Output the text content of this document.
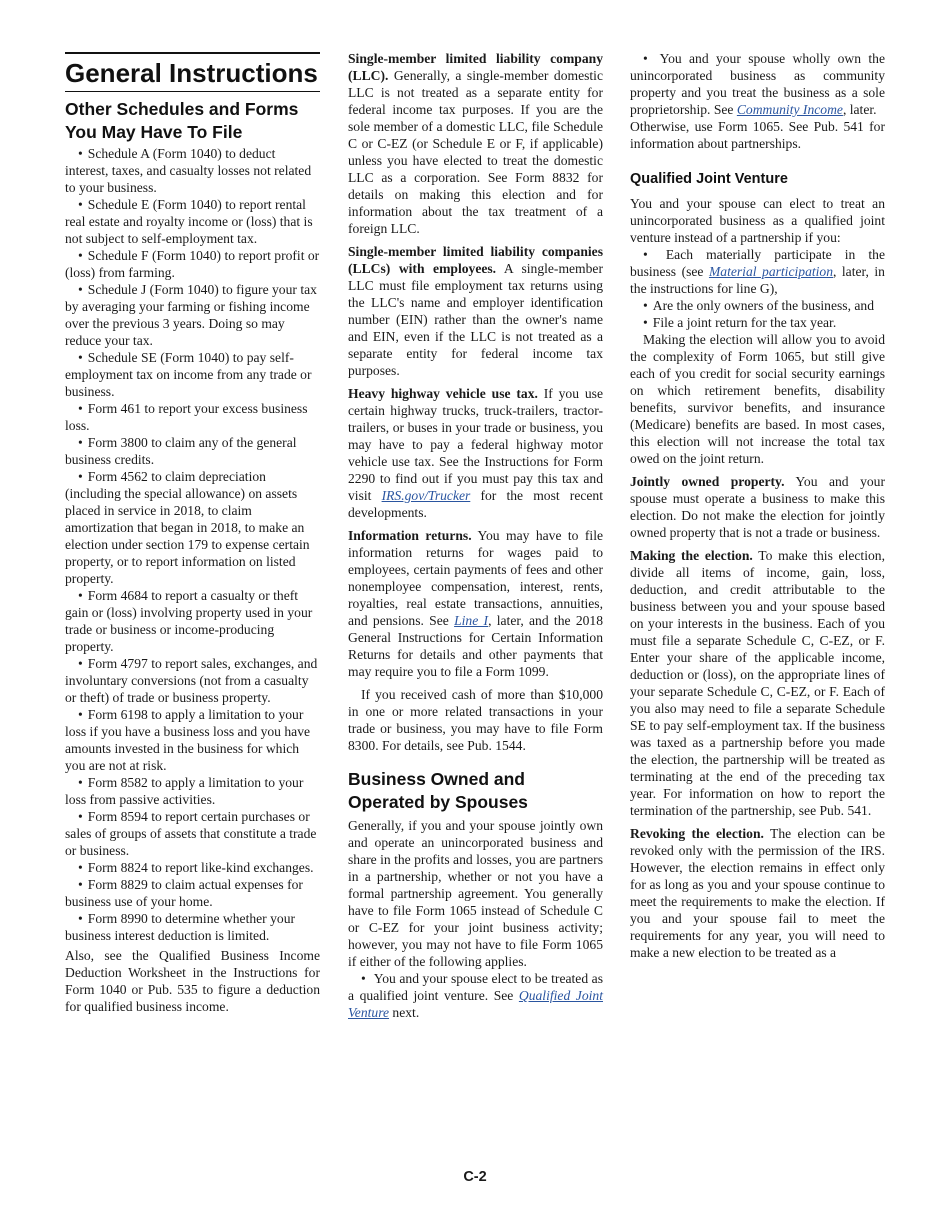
General Instructions
Other Schedules and Forms You May Have To File

• Schedule A (Form 1040) to deduct interest, taxes, and casualty losses not related to your business.

• Schedule E (Form 1040) to report rental real estate and royalty income or (loss) that is not subject to self-employment tax.

• Schedule F (Form 1040) to report profit or (loss) from farming.

• Schedule J (Form 1040) to figure your tax by averaging your farming or fishing income over the previous 3 years. Doing so may reduce your tax.

• Schedule SE (Form 1040) to pay self-employment tax on income from any trade or business.

• Form 461 to report your excess business loss.

• Form 3800 to claim any of the general business credits.

• Form 4562 to claim depreciation (including the special allowance) on assets placed in service in 2018, to claim amortization that began in 2018, to make an election under section 179 to expense certain property, or to report information on listed property.

• Form 4684 to report a casualty or theft gain or (loss) involving property used in your trade or business or income-producing property.

• Form 4797 to report sales, exchanges, and involuntary conversions (not from a casualty or theft) of trade or business property.

• Form 6198 to apply a limitation to your loss if you have a business loss and you have amounts invested in the business for which you are not at risk.

• Form 8582 to apply a limitation to your loss from passive activities.

• Form 8594 to report certain purchases or sales of groups of assets that constitute a trade or business.

• Form 8824 to report like-kind exchanges.

• Form 8829 to claim actual expenses for business use of your home.

• Form 8990 to determine whether your business interest deduction is limited.

Also, see the Qualified Business Income Deduction Worksheet in the Instructions for Form 1040 or Pub. 535 to figure a deduction for qualified business income.

Single-member limited liability company (LLC). Generally, a single-member domestic LLC is not treated as a separate entity for federal income tax purposes. If you are the sole member of a domestic LLC, file Schedule C or C-EZ (or Schedule E or F, if applicable) unless you have elected to treat the domestic LLC as a corporation. See Form 8832 for details on making this election and for information about the tax treatment of a foreign LLC.

Single-member limited liability companies (LLCs) with employees. A single-member LLC must file employment tax returns using the LLC's name and employer identification number (EIN) rather than the owner's name and EIN, even if the LLC is not treated as a separate entity for federal income tax purposes.

Heavy highway vehicle use tax. If you use certain highway trucks, truck-trailers, tractor-trailers, or buses in your trade or business, you may have to pay a federal highway motor vehicle use tax. See the Instructions for Form 2290 to find out if you must pay this tax and visit IRS.gov/Trucker for the most recent developments.

Information returns. You may have to file information returns for wages paid to employees, certain payments of fees and other nonemployee compensation, interest, rents, royalties, real estate transactions, annuities, and pensions. See Line I, later, and the 2018 General Instructions for Certain Information Returns for details and other payments that may require you to file a Form 1099.

If you received cash of more than $10,000 in one or more related transactions in your trade or business, you may have to file Form 8300. For details, see Pub. 1544.

Business Owned and Operated by Spouses

Generally, if you and your spouse jointly own and operate an unincorporated business and share in the profits and losses, you are partners in a partnership, whether or not you have a formal partnership agreement. You generally have to file Form 1065 instead of Schedule C or C-EZ for your joint business activity; however, you may not have to file Form 1065 if either of the following applies.

• You and your spouse elect to be treated as a qualified joint venture. See Qualified Joint Venture next.

• You and your spouse wholly own the unincorporated business as community property and you treat the business as a sole proprietorship. See Community Income, later.

Otherwise, use Form 1065. See Pub. 541 for information about partnerships.

Qualified Joint Venture

You and your spouse can elect to treat an unincorporated business as a qualified joint venture instead of a partnership if you:

• Each materially participate in the business (see Material participation, later, in the instructions for line G),

• Are the only owners of the business, and

• File a joint return for the tax year.

Making the election will allow you to avoid the complexity of Form 1065, but still give each of you credit for social security earnings on which retirement benefits, disability benefits, survivor benefits, and insurance (Medicare) benefits are based. In most cases, this election will not increase the total tax owed on the joint return.

Jointly owned property. You and your spouse must operate a business to make this election. Do not make the election for jointly owned property that is not a trade or business.

Making the election. To make this election, divide all items of income, gain, loss, deduction, and credit attributable to the business between you and your spouse based on your interests in the business. Each of you must file a separate Schedule C, C-EZ, or F. Enter your share of the applicable income, deduction or (loss), on the appropriate lines of your separate Schedule C, C-EZ, or F. Each of you also may need to file a separate Schedule SE to pay self-employment tax. If the business was taxed as a partnership before you made the election, the partnership will be treated as terminating at the end of the preceding tax year. For information on how to report the termination of the partnership, see Pub. 541.

Revoking the election. The election can be revoked only with the permission of the IRS. However, the election remains in effect only for as long as you and your spouse continue to meet the requirements to make the election. If you and your spouse fail to meet the requirements for any year, you will need to make a new election to be treated as a

C-2
